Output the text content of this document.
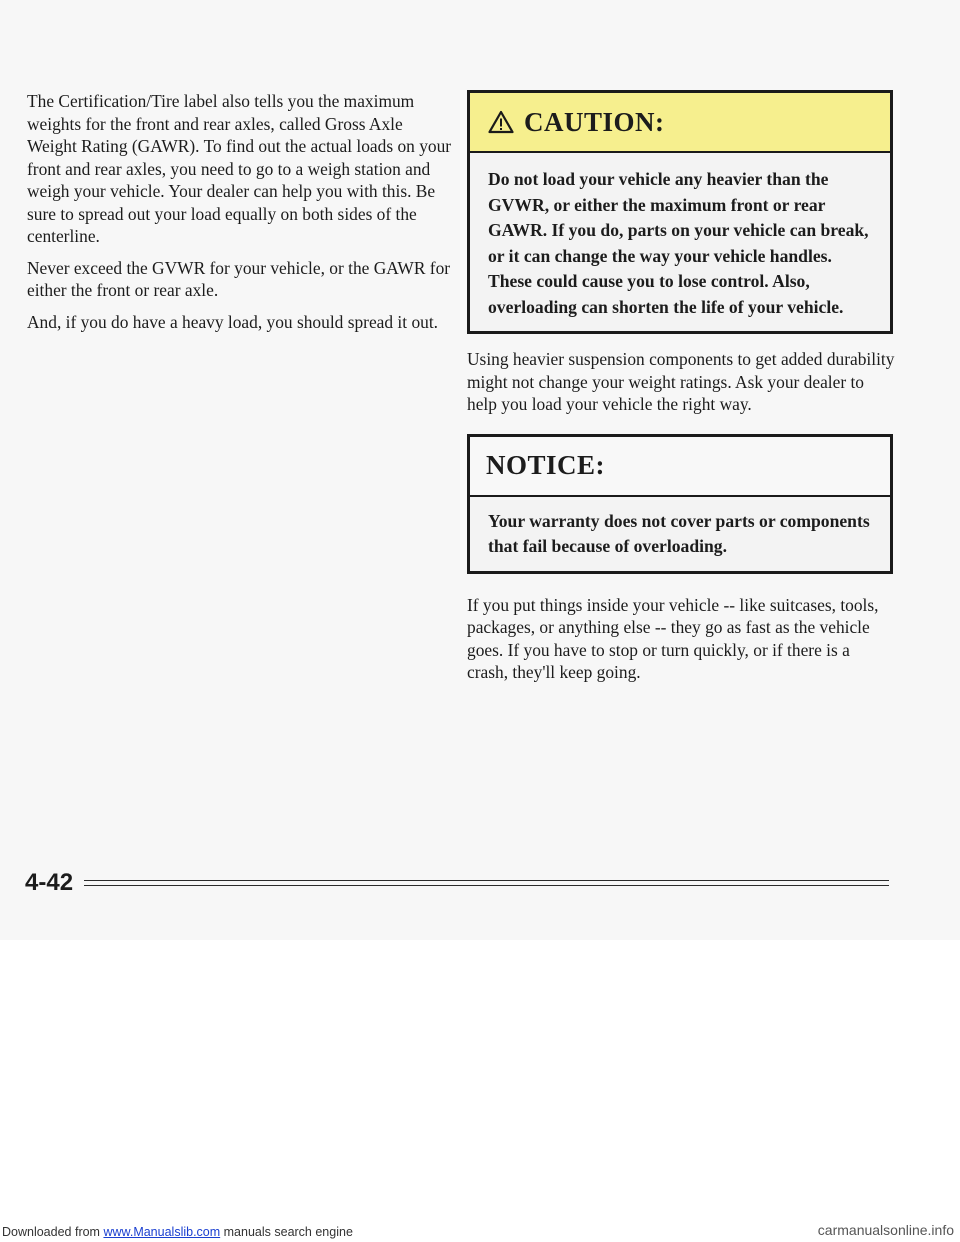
The Certification/Tire label also tells you the maximum weights for the front and rear axles, called Gross Axle Weight Rating (GAWR). To find out the actual loads on your front and rear axles, you need to go to a weigh station and weigh your vehicle. Your dealer can help you with this. Be sure to spread out your load equally on both sides of the centerline.

Never exceed the GVWR for your vehicle, or the GAWR for either the front or rear axle.

And, if you do have a heavy load, you should spread it out.

CAUTION:

Do not load your vehicle any heavier than the GVWR, or either the maximum front or rear GAWR. If you do, parts on your vehicle can break, or it can change the way your vehicle handles. These could cause you to lose control. Also, overloading can shorten the life of your vehicle.

Using heavier suspension components to get added durability might not change your weight ratings. Ask your dealer to help you load your vehicle the right way.

NOTICE:

Your warranty does not cover parts or components that fail because of overloading.

If you put things inside your vehicle -- like suitcases, tools, packages, or anything else -- they go as fast as the vehicle goes. If you have to stop or turn quickly, or if there is a crash, they'll keep going.

4-42
Downloaded from www.Manualslib.com manuals search engine	carmanualsonline.info
